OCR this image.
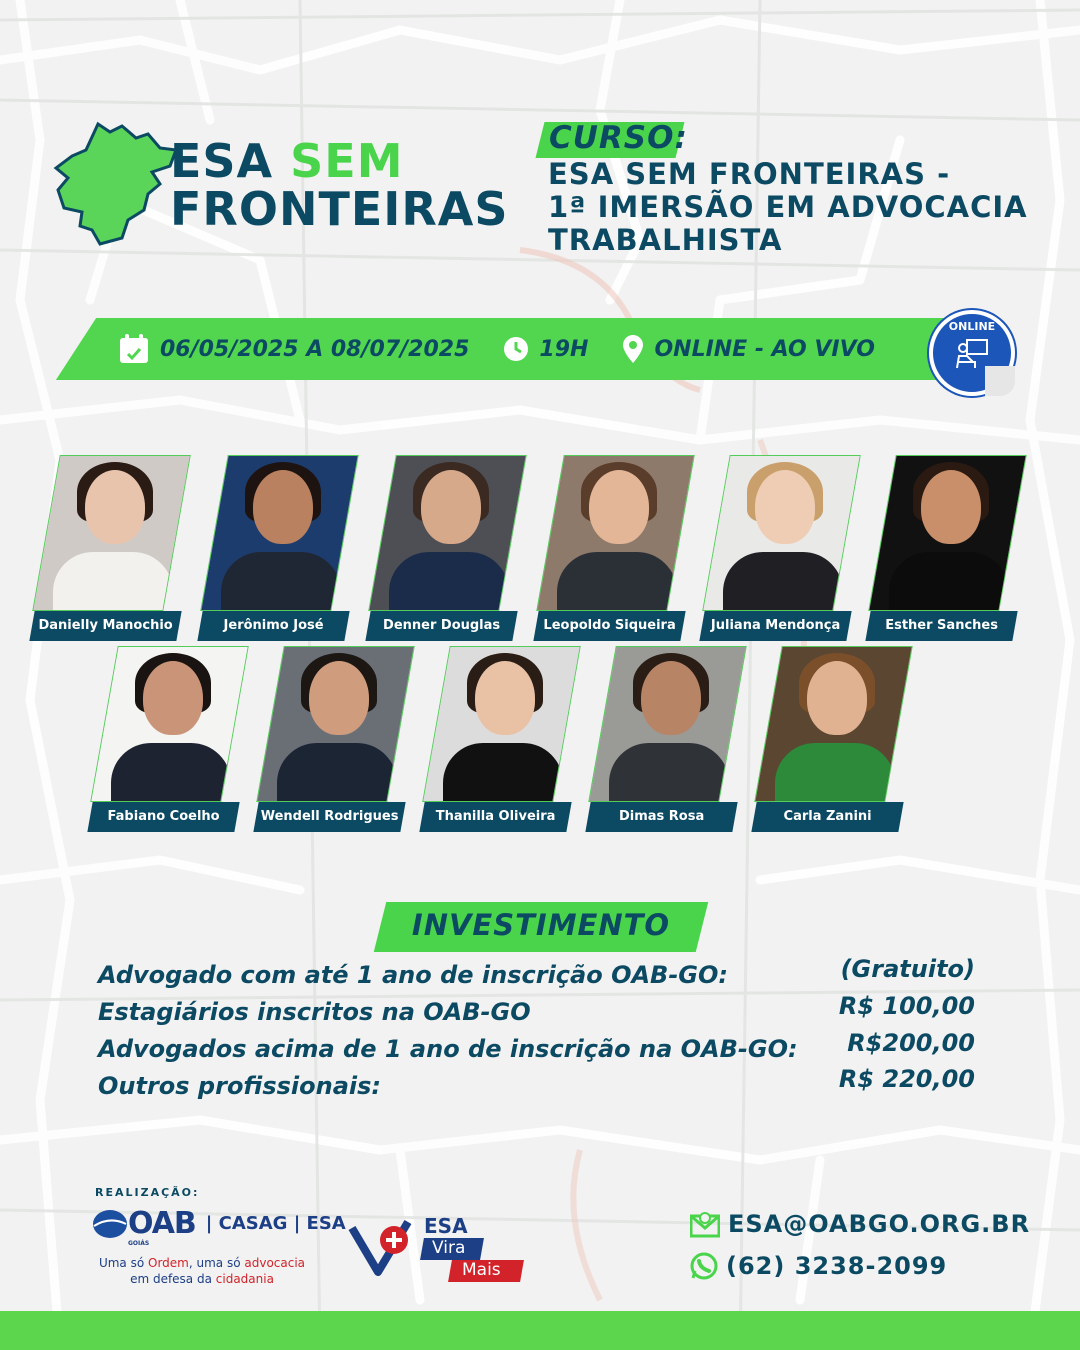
ESA SEM
FRONTEIRAS
CURSO:
ESA SEM FRONTEIRAS -
1ª IMERSÃO EM ADVOCACIA
TRABALHISTA
06/05/2025 A 08/07/2025	19H	ONLINE - AO VIVO
ONLINE
Danielly Manochio	Jerônimo José	Denner Douglas	Leopoldo Siqueira	Juliana Mendonça	Esther Sanches
Fabiano Coelho	Wendell Rodrigues	Thanilla Oliveira	Dimas Rosa	Carla Zanini
INVESTIMENTO
Advogado com até 1 ano de inscrição OAB-GO:	(Gratuito)
Estagiários inscritos na OAB-GO	R$ 100,00
Advogados acima de 1 ano de inscrição na OAB-GO: R$200,00
Outros profissionais:	R$ 220,00
REALIZAÇÃO:
OAB
GOIÁS
| CASAG | ESA
Uma só Ordem, uma só advocacia
em defesa da cidadania
ESA
Vira
Mais
ESA@OABGO.ORG.BR
(62) 3238-2099
